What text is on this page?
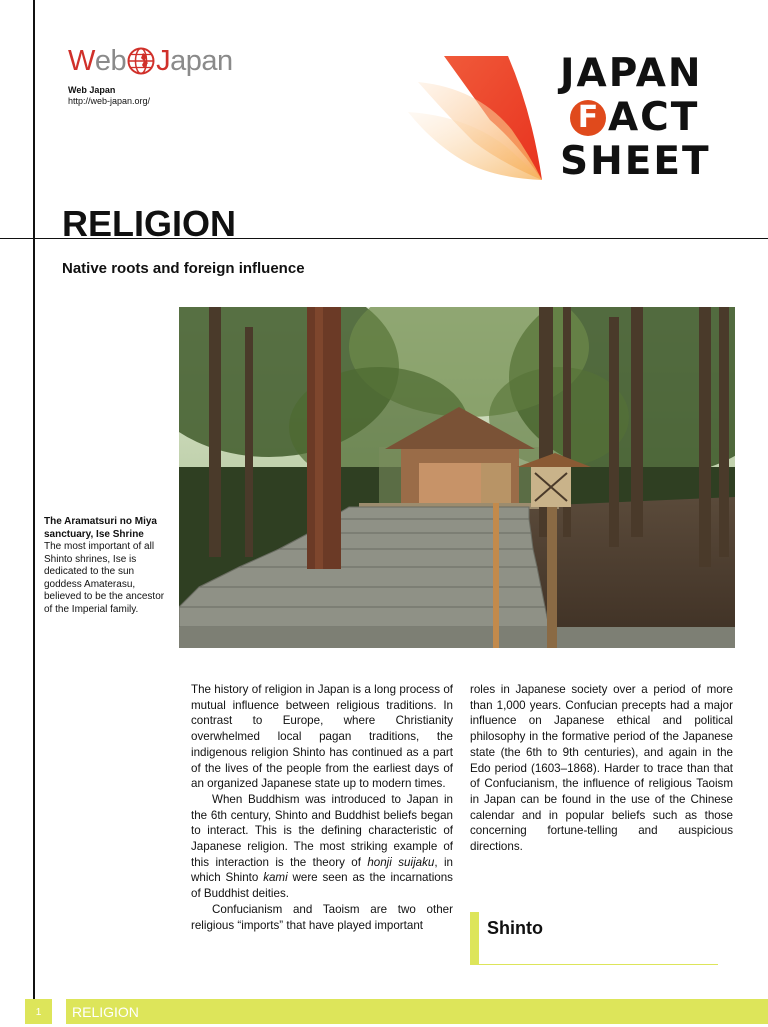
W eb J apan
Web Japan
http://web-japan.org/
JAPAN
F ACT
SHEET
RELIGION
Native roots and foreign influence
The Aramatsuri no Miya sanctuary, Ise Shrine
The most important of all Shinto shrines, Ise is dedicated to the sun goddess Amaterasu, believed to be the ancestor of the Imperial family.

The history of religion in Japan is a long process of mutual influence between religious traditions. In contrast to Europe, where Christianity overwhelmed local pagan traditions, the indigenous religion Shinto has continued as a part of the lives of the people from the earliest days of an organized Japanese state up to modern times.

When Buddhism was introduced to Japan in the 6th century, Shinto and Buddhist beliefs began to interact. This is the defining characteristic of Japanese religion. The most striking example of this interaction is the theory of honji suijaku, in which Shinto kami were seen as the incarnations of Buddhist deities.

Confucianism and Taoism are two other religious “imports” that have played important

roles in Japanese society over a period of more than 1,000 years. Confucian precepts had a major influence on Japanese ethical and political philosophy in the formative period of the Japanese state (the 6th to 9th centuries), and again in the Edo period (1603–1868). Harder to trace than that of Confucianism, the influence of religious Taoism in Japan can be found in the use of the Chinese calendar and in popular beliefs such as those concerning fortune-telling and auspicious directions.

Shinto
1	RELIGION
